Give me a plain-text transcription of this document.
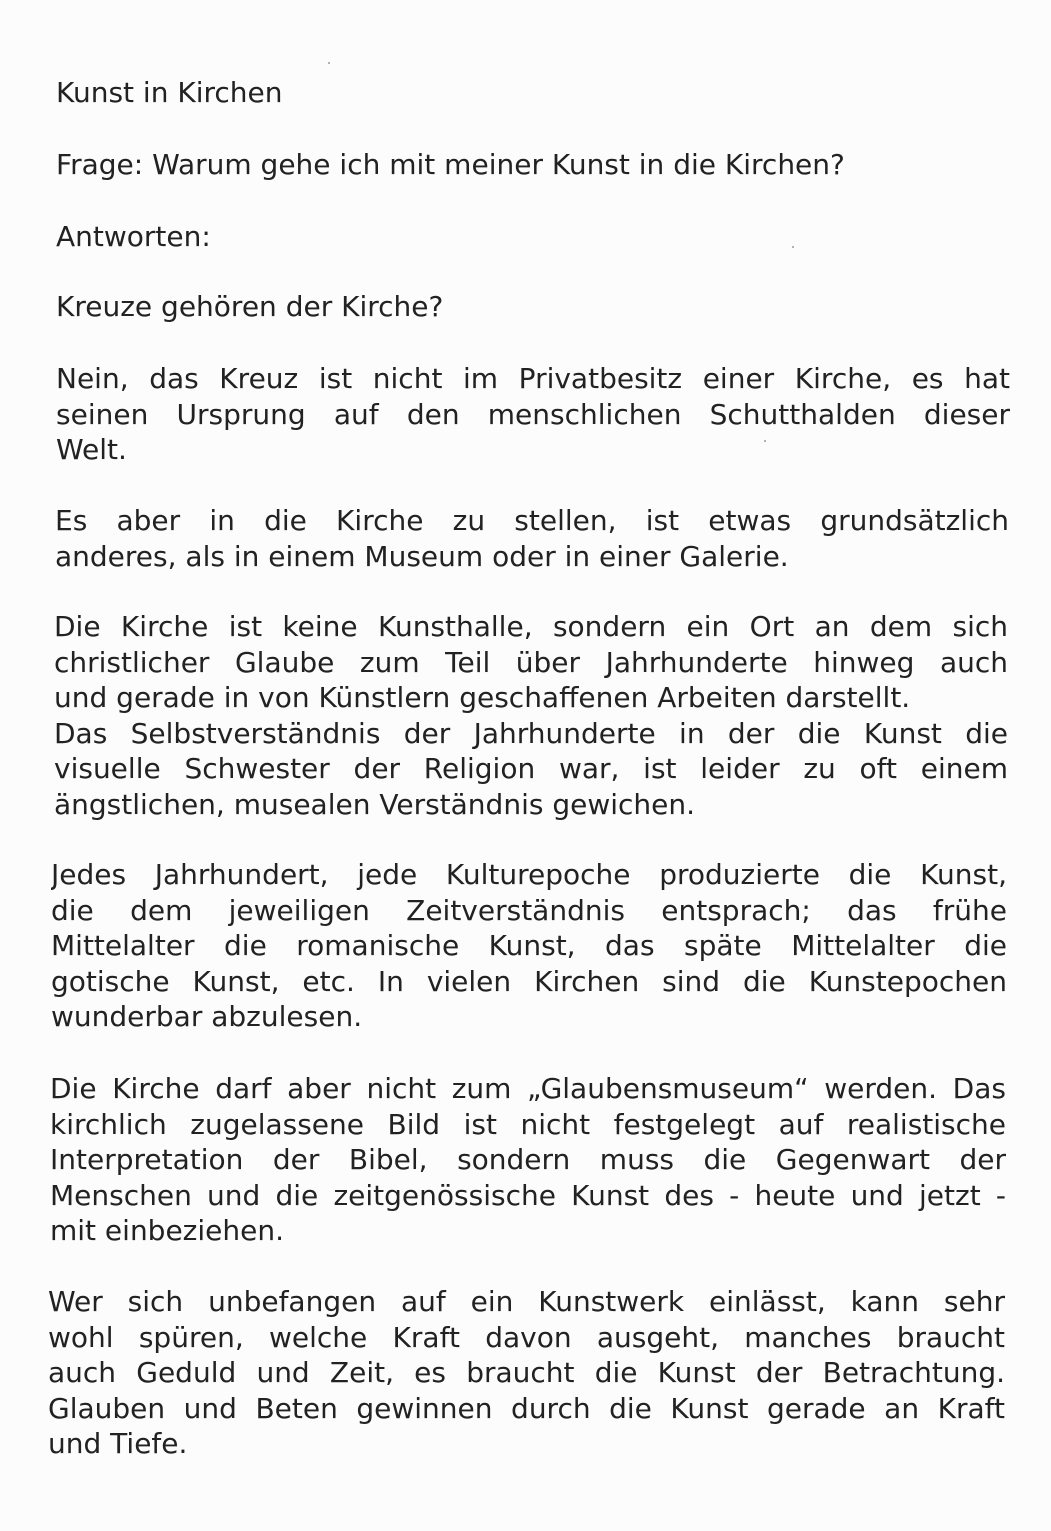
Kunst in Kirchen
Frage: Warum gehe ich mit meiner Kunst in die Kirchen?
Antworten:
Kreuze gehören der Kirche?
Nein, das Kreuz ist nicht im Privatbesitz einer Kirche, es hat
seinen Ursprung auf den menschlichen Schutthalden dieser
Welt.
Es aber in die Kirche zu stellen, ist etwas grundsätzlich
anderes, als in einem Museum oder in einer Galerie.
Die Kirche ist keine Kunsthalle, sondern ein Ort an dem sich
christlicher Glaube zum Teil über Jahrhunderte hinweg auch
und gerade in von Künstlern geschaffenen Arbeiten darstellt.
Das Selbstverständnis der Jahrhunderte in der die Kunst die
visuelle Schwester der Religion war, ist leider zu oft einem
ängstlichen, musealen Verständnis gewichen.
Jedes Jahrhundert, jede Kulturepoche produzierte die Kunst,
die dem jeweiligen Zeitverständnis entsprach; das frühe
Mittelalter die romanische Kunst, das späte Mittelalter die
gotische Kunst, etc. In vielen Kirchen sind die Kunstepochen
wunderbar abzulesen.
Die Kirche darf aber nicht zum „Glaubensmuseum“ werden. Das
kirchlich zugelassene Bild ist nicht festgelegt auf realistische
Interpretation der Bibel, sondern muss die Gegenwart der
Menschen und die zeitgenössische Kunst des - heute und jetzt -
mit einbeziehen.
Wer sich unbefangen auf ein Kunstwerk einlässt, kann sehr
wohl spüren, welche Kraft davon ausgeht, manches braucht
auch Geduld und Zeit, es braucht die Kunst der Betrachtung.
Glauben und Beten gewinnen durch die Kunst gerade an Kraft
und Tiefe.
